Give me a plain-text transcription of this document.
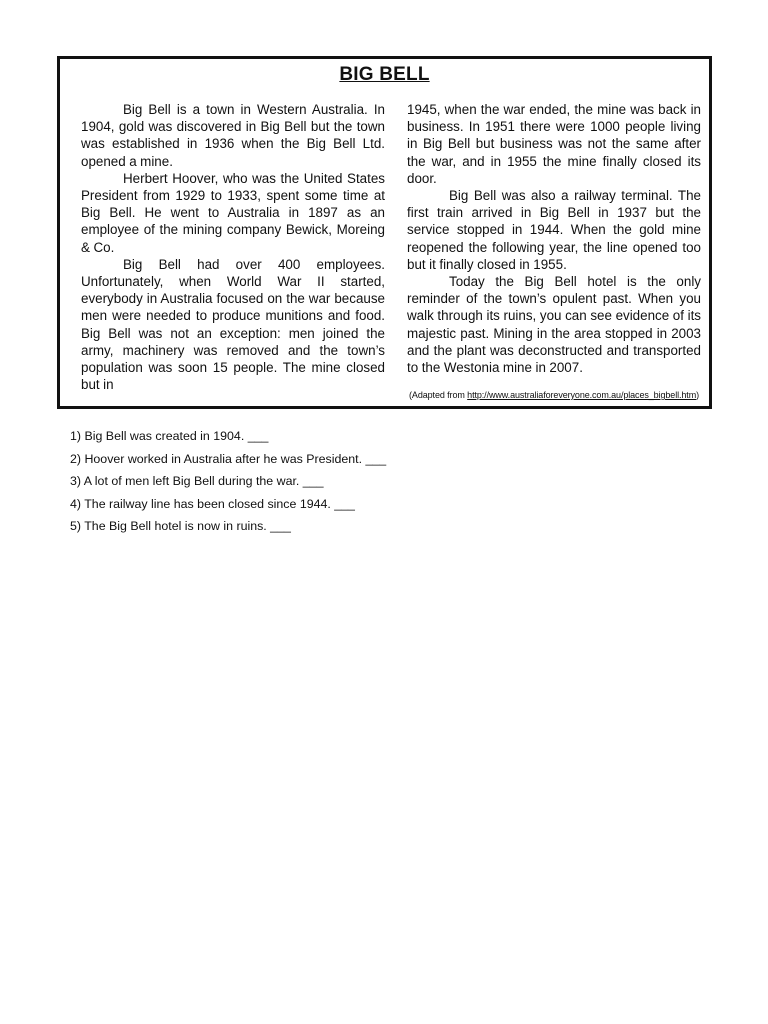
BIG BELL

Big Bell is a town in Western Australia. In 1904, gold was discovered in Big Bell but the town was established in 1936 when the Big Bell Ltd. opened a mine.

Herbert Hoover, who was the United States President from 1929 to 1933, spent some time at Big Bell. He went to Australia in 1897 as an employee of the mining company Bewick, Moreing & Co.

Big Bell had over 400 employees. Unfortunately, when World War II started, everybody in Australia focused on the war because men were needed to produce munitions and food. Big Bell was not an exception: men joined the army, machinery was removed and the town’s population was soon 15 people. The mine closed but in

1945, when the war ended, the mine was back in business. In 1951 there were 1000 people living in Big Bell but business was not the same after the war, and in 1955 the mine finally closed its door.

Big Bell was also a railway terminal. The first train arrived in Big Bell in 1937 but the service stopped in 1944. When the gold mine reopened the following year, the line opened too but it finally closed in 1955.

Today the Big Bell hotel is the only reminder of the town’s opulent past. When you walk through its ruins, you can see evidence of its majestic past. Mining in the area stopped in 2003 and the plant was deconstructed and transported to the Westonia mine in 2007.

(Adapted from http://www.australiaforeveryone.com.au/places_bigbell.htm)
1) Big Bell was created in 1904. ___
2) Hoover worked in Australia after he was President. ___
3) A lot of men left Big Bell during the war. ___
4) The railway line has been closed since 1944. ___
5) The Big Bell hotel is now in ruins. ___
